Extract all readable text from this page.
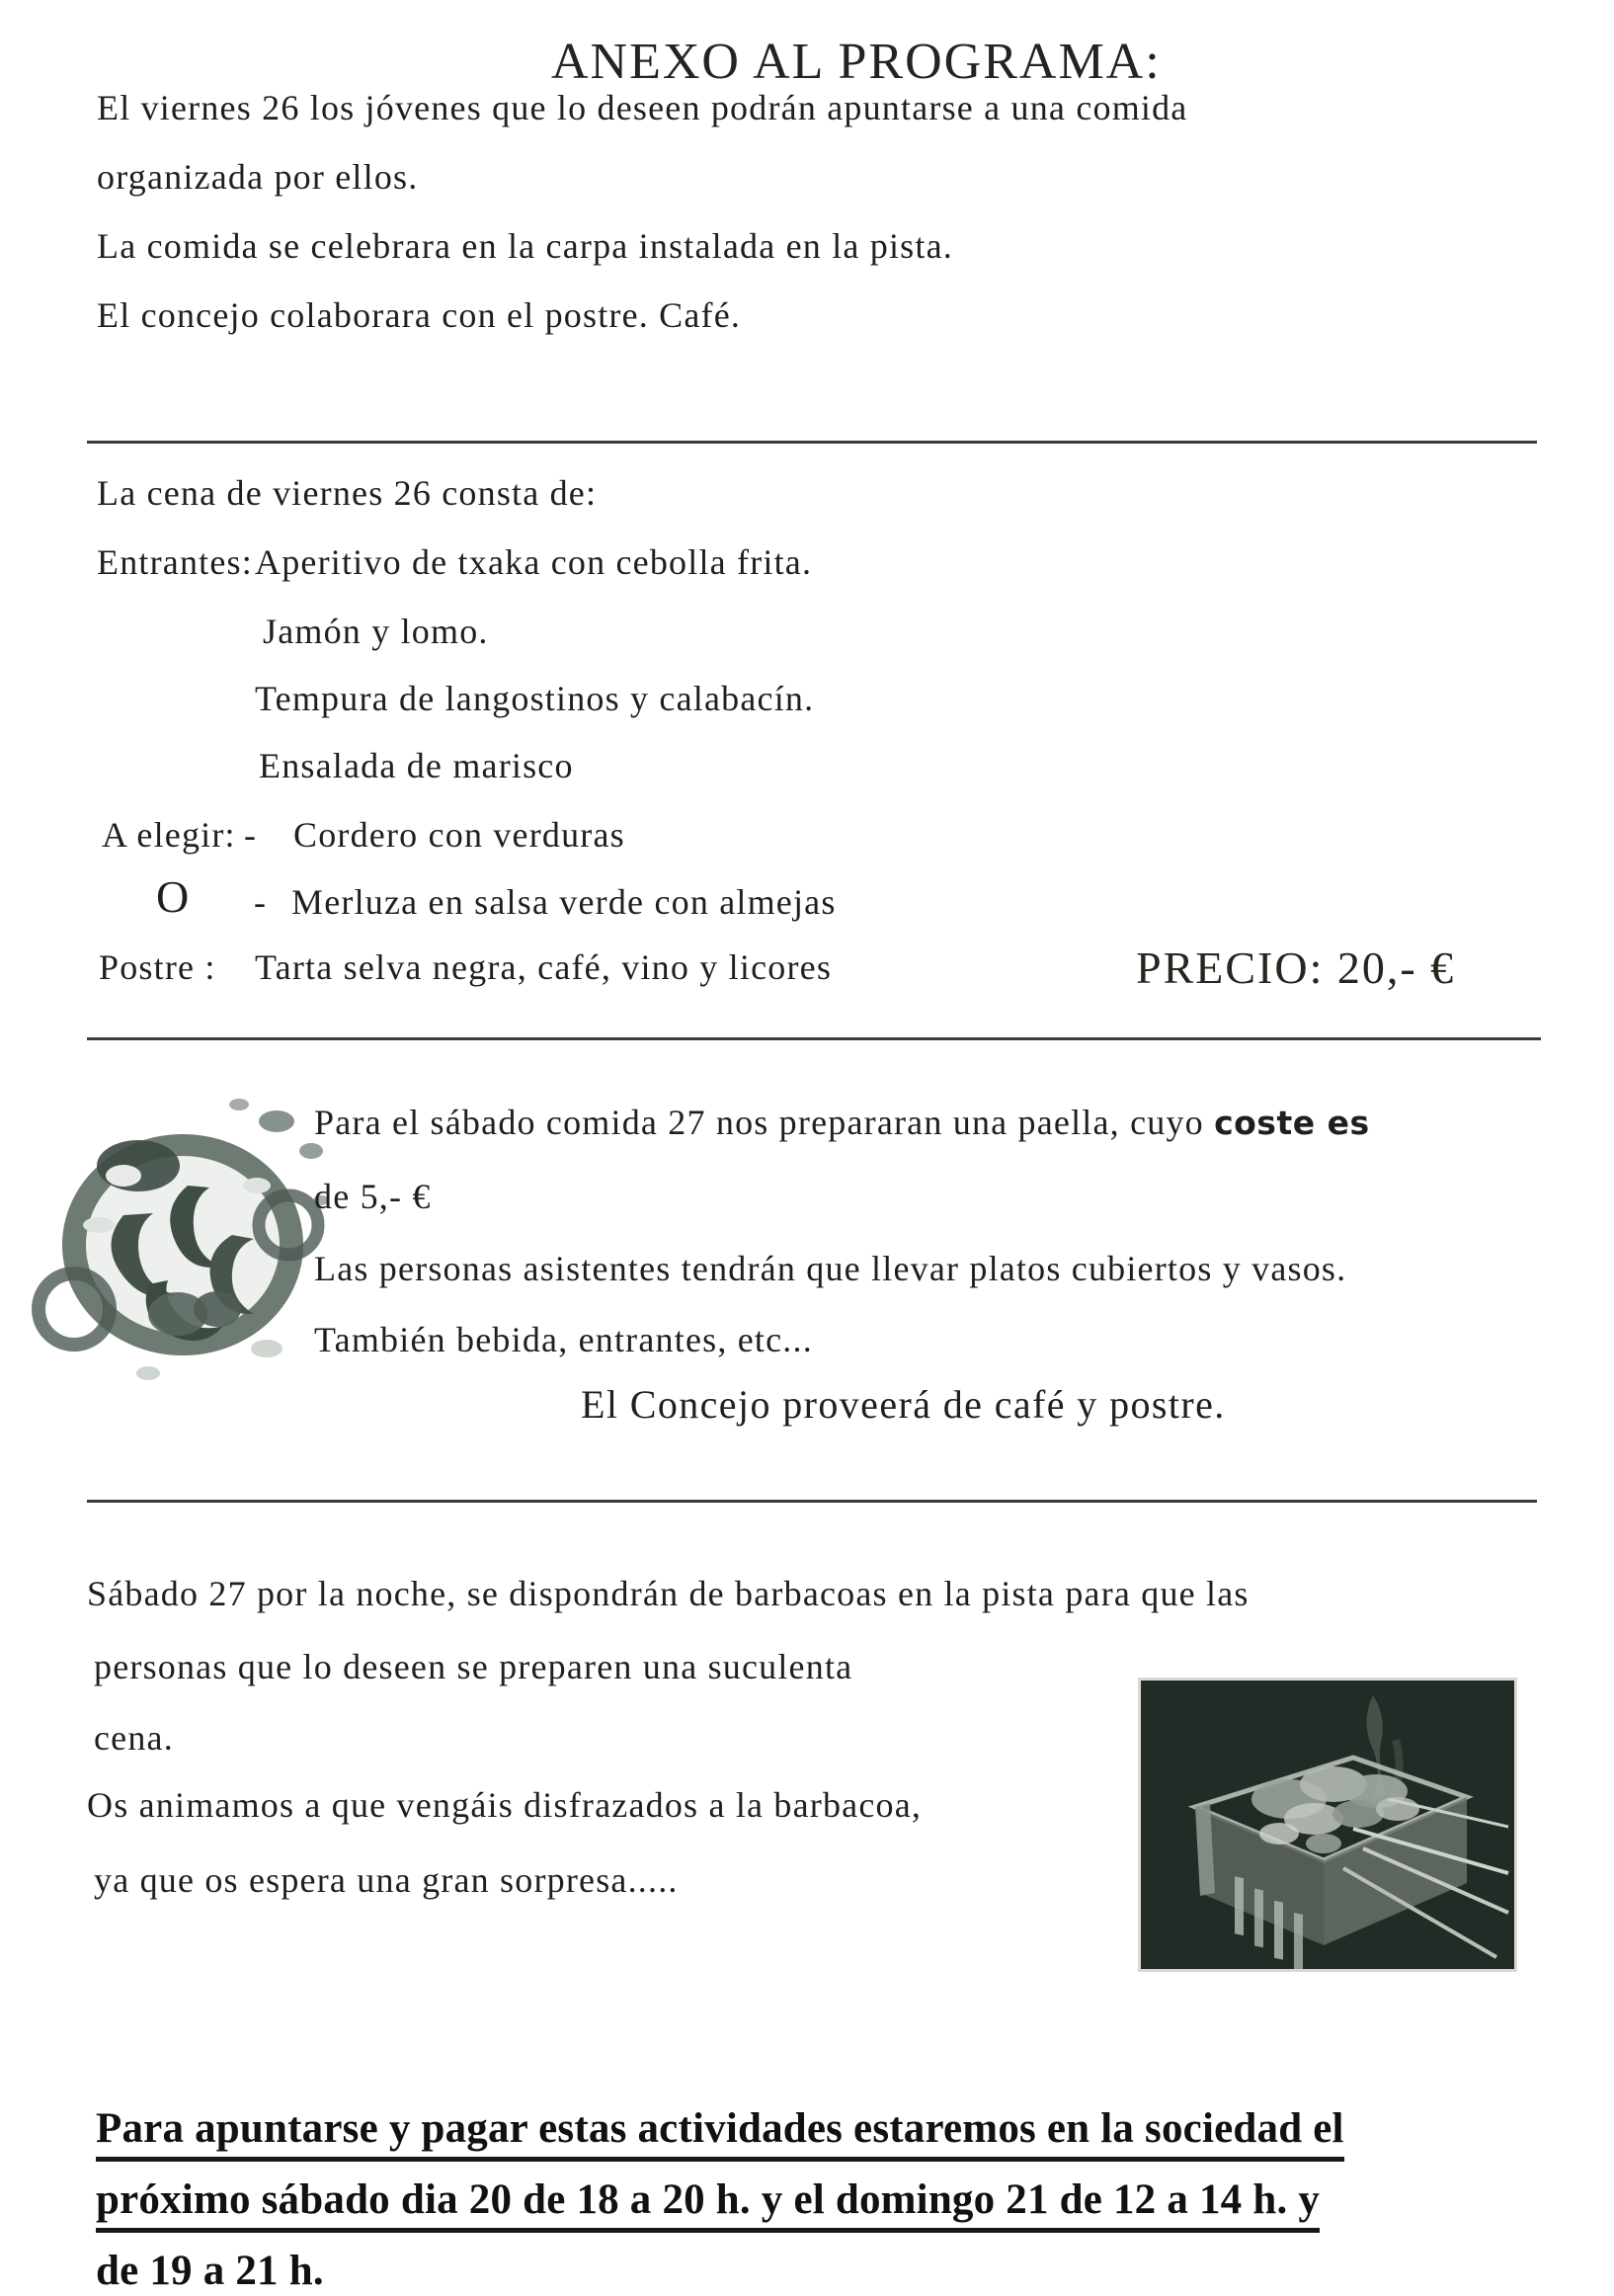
ANEXO AL PROGRAMA:
El viernes 26 los jóvenes que lo deseen podrán apuntarse a una comida
organizada por ellos.
La comida se celebrara en la carpa instalada en la pista.
El concejo colaborara con el postre. Café.
La cena de viernes 26 consta de:
Entrantes: Aperitivo de txaka con cebolla frita.
Jamón y lomo.
Tempura de langostinos y calabacín.
Ensalada de marisco
A elegir: - Cordero con verduras
O - Merluza en salsa verde con almejas
Postre : Tarta selva negra, café, vino y licores	PRECIO: 20,- €
Para el sábado comida 27 nos prepararan una paella, cuyo coste es
de 5,- €
Las personas asistentes tendrán que llevar platos cubiertos y vasos.
También bebida, entrantes, etc...
El Concejo proveerá de café y postre.
Sábado 27 por la noche, se dispondrán de barbacoas en la pista para que las
personas que lo deseen se preparen una suculenta
cena.
Os animamos a que vengáis disfrazados a la barbacoa,
ya que os espera una gran sorpresa.....
Para apuntarse y pagar estas actividades estaremos en la sociedad el
próximo sábado dia 20 de 18 a 20 h. y el domingo 21 de 12 a 14 h. y
de 19 a 21 h.
